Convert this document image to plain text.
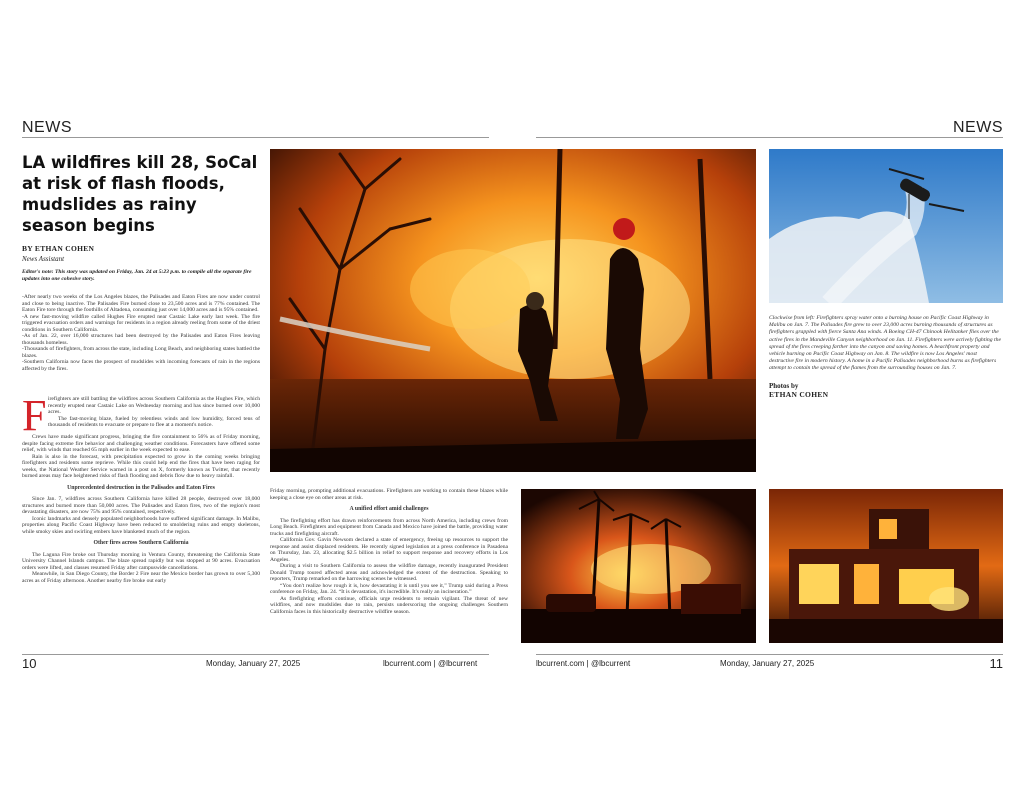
NEWS	NEWS
LA wildfires kill 28, SoCal at risk of flash floods, mudslides as rainy season begins
BY ETHAN COHEN
News Assistant
Editor's note: This story was updated on Friday, Jan. 24 at 5:23 p.m. to compile all the separate fire updates into one cohesive story.

-After nearly two weeks of the Los Angeles blazes, the Palisades and Eaton Fires are now under control and close to being inactive. The Palisades Fire burned close to 23,500 acres and is 77% contained. The Eaton Fire tore through the foothills of Altadena, consuming just over 14,000 acres and is 95% contained.

-A new fast-moving wildfire called Hughes Fire erupted near Castaic Lake early last week. The fire triggered evacuation orders and warnings for residents in a region already reeling from some of the driest conditions in Southern California.

-As of Jan. 22, over 16,000 structures had been destroyed by the Palisades and Eaton Fires leaving thousands homeless.

-Thousands of firefighters, from across the state, including Long Beach, and neighboring states battled the blazes.

-Southern California now faces the prospect of mudslides with incoming forecasts of rain in the regions affected by the fires.

F irefighters are still battling the wildfires across Southern California as the Hughes Fire, which recently erupted near Castaic Lake on Wednesday morning and has since burned over 10,000 acres.

The fast-moving blaze, fueled by relentless winds and low humidity, forced tens of thousands of residents to evacuate or prepare to flee at a moment's notice.

Crews have made significant progress, bringing the fire containment to 56% as of Friday morning, despite facing extreme fire behavior and challenging weather conditions. Forecasters have offered some relief, with winds that reached 65 mph earlier in the week expected to ease.

Rain is also in the forecast, with precipitation expected to grow in the coming weeks bringing firefighters and residents some reprieve. While this could help end the fires that have been raging for weeks, the National Weather Service warned in a post on X, formerly known as Twitter, that recently burned areas may face heightened risks of flash flooding and debris flow due to heavy rainfall.

Unprecedented destruction in the Palisades and Eaton Fires

Since Jan. 7, wildfires across Southern California have killed 28 people, destroyed over 18,000 structures and burned more than 50,000 acres. The Palisades and Eaton fires, two of the region's most devastating disasters, are now 75% and 95% contained, respectively.

Iconic landmarks and densely populated neighborhoods have suffered significant damage. In Malibu, properties along Pacific Coast Highway have been reduced to smoldering ruins and empty skeletons, while smoky skies and swirling embers have blanketed much of the region.

Other fires across Southern California

The Laguna Fire broke out Thursday morning in Ventura County, threatening the California State University Channel Islands campus. The blaze spread rapidly but was stopped at 90 acres. Evacuation orders were lifted, and classes resumed Friday after campuswide cancellations.

Meanwhile, in San Diego County, the Border 2 Fire near the Mexico border has grown to over 5,300 acres as of Friday afternoon. Another nearby fire broke out early

Friday morning, prompting additional evacuations. Firefighters are working to contain these blazes while keeping a close eye on other areas at risk.

A unified effort amid challenges

The firefighting effort has drawn reinforcements from across North America, including crews from Long Beach. Firefighters and equipment from Canada and Mexico have joined the battle, providing water trucks and firefighting aircraft.

California Gov. Gavin Newsom declared a state of emergency, freeing up resources to support the response and assist displaced residents. He recently signed legislation at a press conference in Pasadena on Thursday, Jan. 23, allocating $2.5 billion in relief to support response and recovery efforts in Los Angeles.

During a visit to Southern California to assess the wildfire damage, recently inaugurated President Donald Trump toured affected areas and acknowledged the extent of the destruction. Speaking to reporters, Trump remarked on the harrowing scenes he witnessed.

“You don't realize how rough it is, how devastating it is until you see it,” Trump said during a Press conference on Friday, Jan. 24. “It is devastation, it's incredible. It's really an incineration.”

As firefighting efforts continue, officials urge residents to remain vigilant. The threat of new wildfires, and now mudslides due to rain, persists underscoring the ongoing challenges Southern California faces in this historically destructive wildfire season.

Clockwise from left: Firefighters spray water onto a burning house on Pacific Coast Highway in Malibu on Jan. 7. The Palisades fire grew to over 23,000 acres burning thousands of structures as firefighters grappled with fierce Santa Ana winds. A Boeing CH-47 Chinook Helitanker flies over the active fires in the Mandeville Canyon neighborhood on Jan. 11. Firefighters were actively fighting the spread of the fires creeping farther into the canyon and saving homes. A beachfront property and vehicle burning on Pacific Coast Highway on Jan. 8. The wildfire is now Los Angeles' most destructive fire in modern history. A home in a Pacific Palisades neighborhood burns as firefighters attempt to contain the spread of the flames from the surrounding houses on Jan. 7.
Photos by
ETHAN COHEN
10	Monday, January 27, 2025	lbcurrent.com | @lbcurrent	lbcurrent.com | @lbcurrent	Monday, January 27, 2025	11
